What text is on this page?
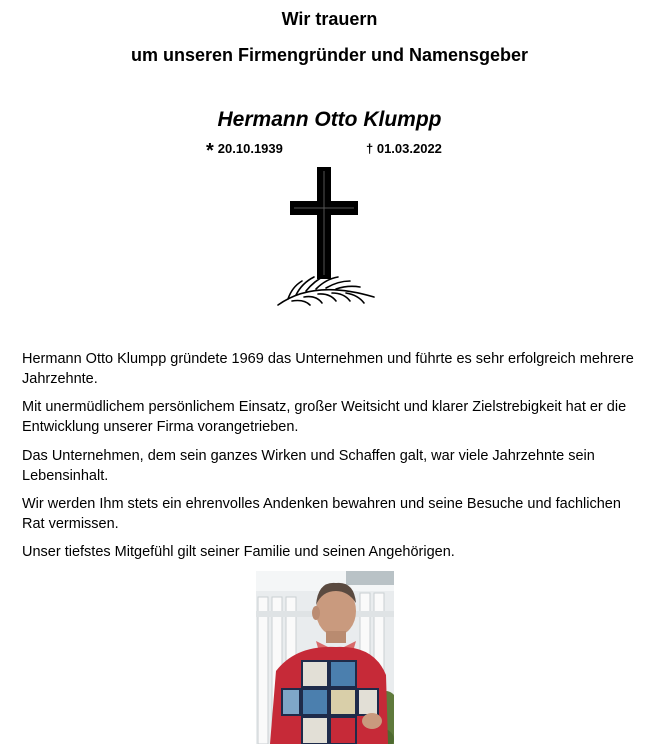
Wir trauern
um unseren Firmengründer und Namensgeber
Hermann Otto Klumpp
* 20.10.1939	† 01.03.2022
Hermann Otto Klumpp gründete 1969 das Unternehmen und führte es sehr erfolgreich mehrere Jahrzehnte.
Mit unermüdlichem persönlichem Einsatz, großer Weitsicht und klarer Zielstrebigkeit hat er die Entwicklung unserer Firma vorangetrieben.
Das Unternehmen, dem sein ganzes Wirken und Schaffen galt, war viele Jahrzehnte sein Lebensinhalt.
Wir werden Ihm stets ein ehrenvolles Andenken bewahren und seine Besuche und fachlichen Rat vermissen.
Unser tiefstes Mitgefühl gilt seiner Familie und seinen Angehörigen.
